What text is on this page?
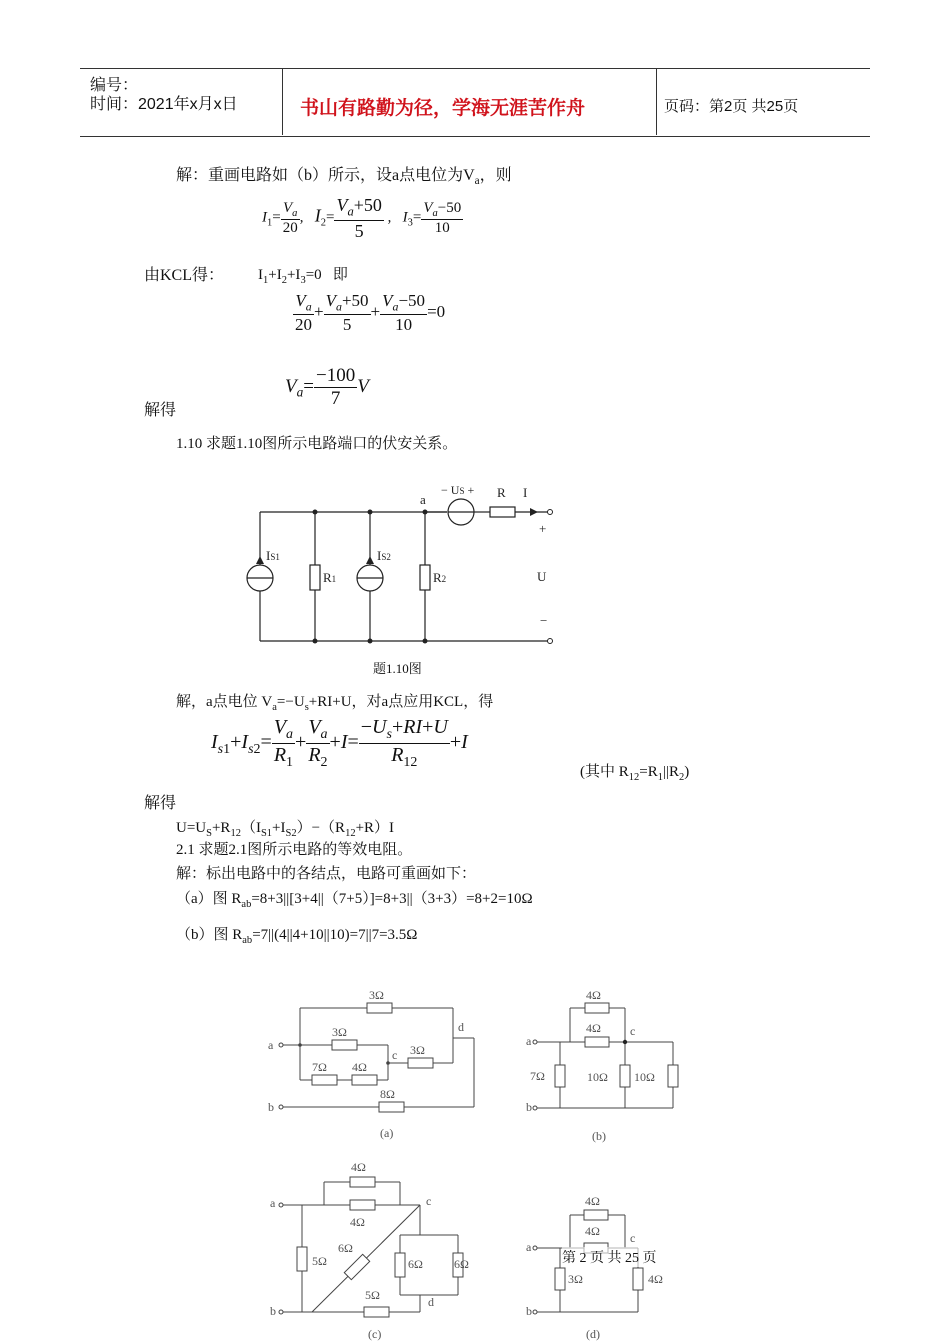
编号：
时间：2021年x月x日	书山有路勤为径，学海无涯苦作舟	页码：第2页 共25页
解：重画电路如（b）所示，设a点电位为$V_a$，则
$I_1= \frac{V_a}{20}$ ,   $I_2= \frac{V_a+50}{5}$ ,   $I_3= \frac{V_a-50}{10}$
由KCL得： $I_1+I_2+I_3=0$   即
$\frac{V_a}{20} + \frac{V_a+50}{5} + \frac{V_a-50}{10} =0$
$V_a= \frac{-100}{7}$ V
解得
1.10 求题1.10图所示电路端口的伏安关系。
a
− US + R I
+
U
−
IS1
R1
IS2
R2
题1.10图
解，a点电位 $V_a=-U_s+RI+U$，对a点应用KCL，得
$I_{s1}+I_{s2}= \frac{V_a}{R_1} + \frac{V_a}{R_2} +I= \frac{-U_s+RI+U}{R_{12}} +I$
(其中 $R_{12}=R_1||R_2$)
解得
$U=U_S+R_{12}(I_{S1}+I_{S2})-(R_{12}+R)I$
2.1 求题2.1图所示电路的等效电阻。
解：标出电路中的各结点，电路可重画如下：
（a）图 $R_{ab}=8+3||[3+4||(7+5)]=8+3||(3+3)=8+2=10\Omega$
（b）图 $R_{ab}=7||(4||4+10||10)=7||7=3.5\Omega$
3Ω
3Ω
3Ω
7Ω 4Ω
8Ω
a
b
c
d
(a)
4Ω
4Ω
7Ω	10Ω 10Ω
a
b
c
(b)
4Ω
4Ω
5Ω
6Ω
6Ω	6Ω
5Ω
a
b
c
d
(c)
4Ω
4Ω
3Ω	4Ω
a
b
c
(d)
第 2 页 共 25 页
